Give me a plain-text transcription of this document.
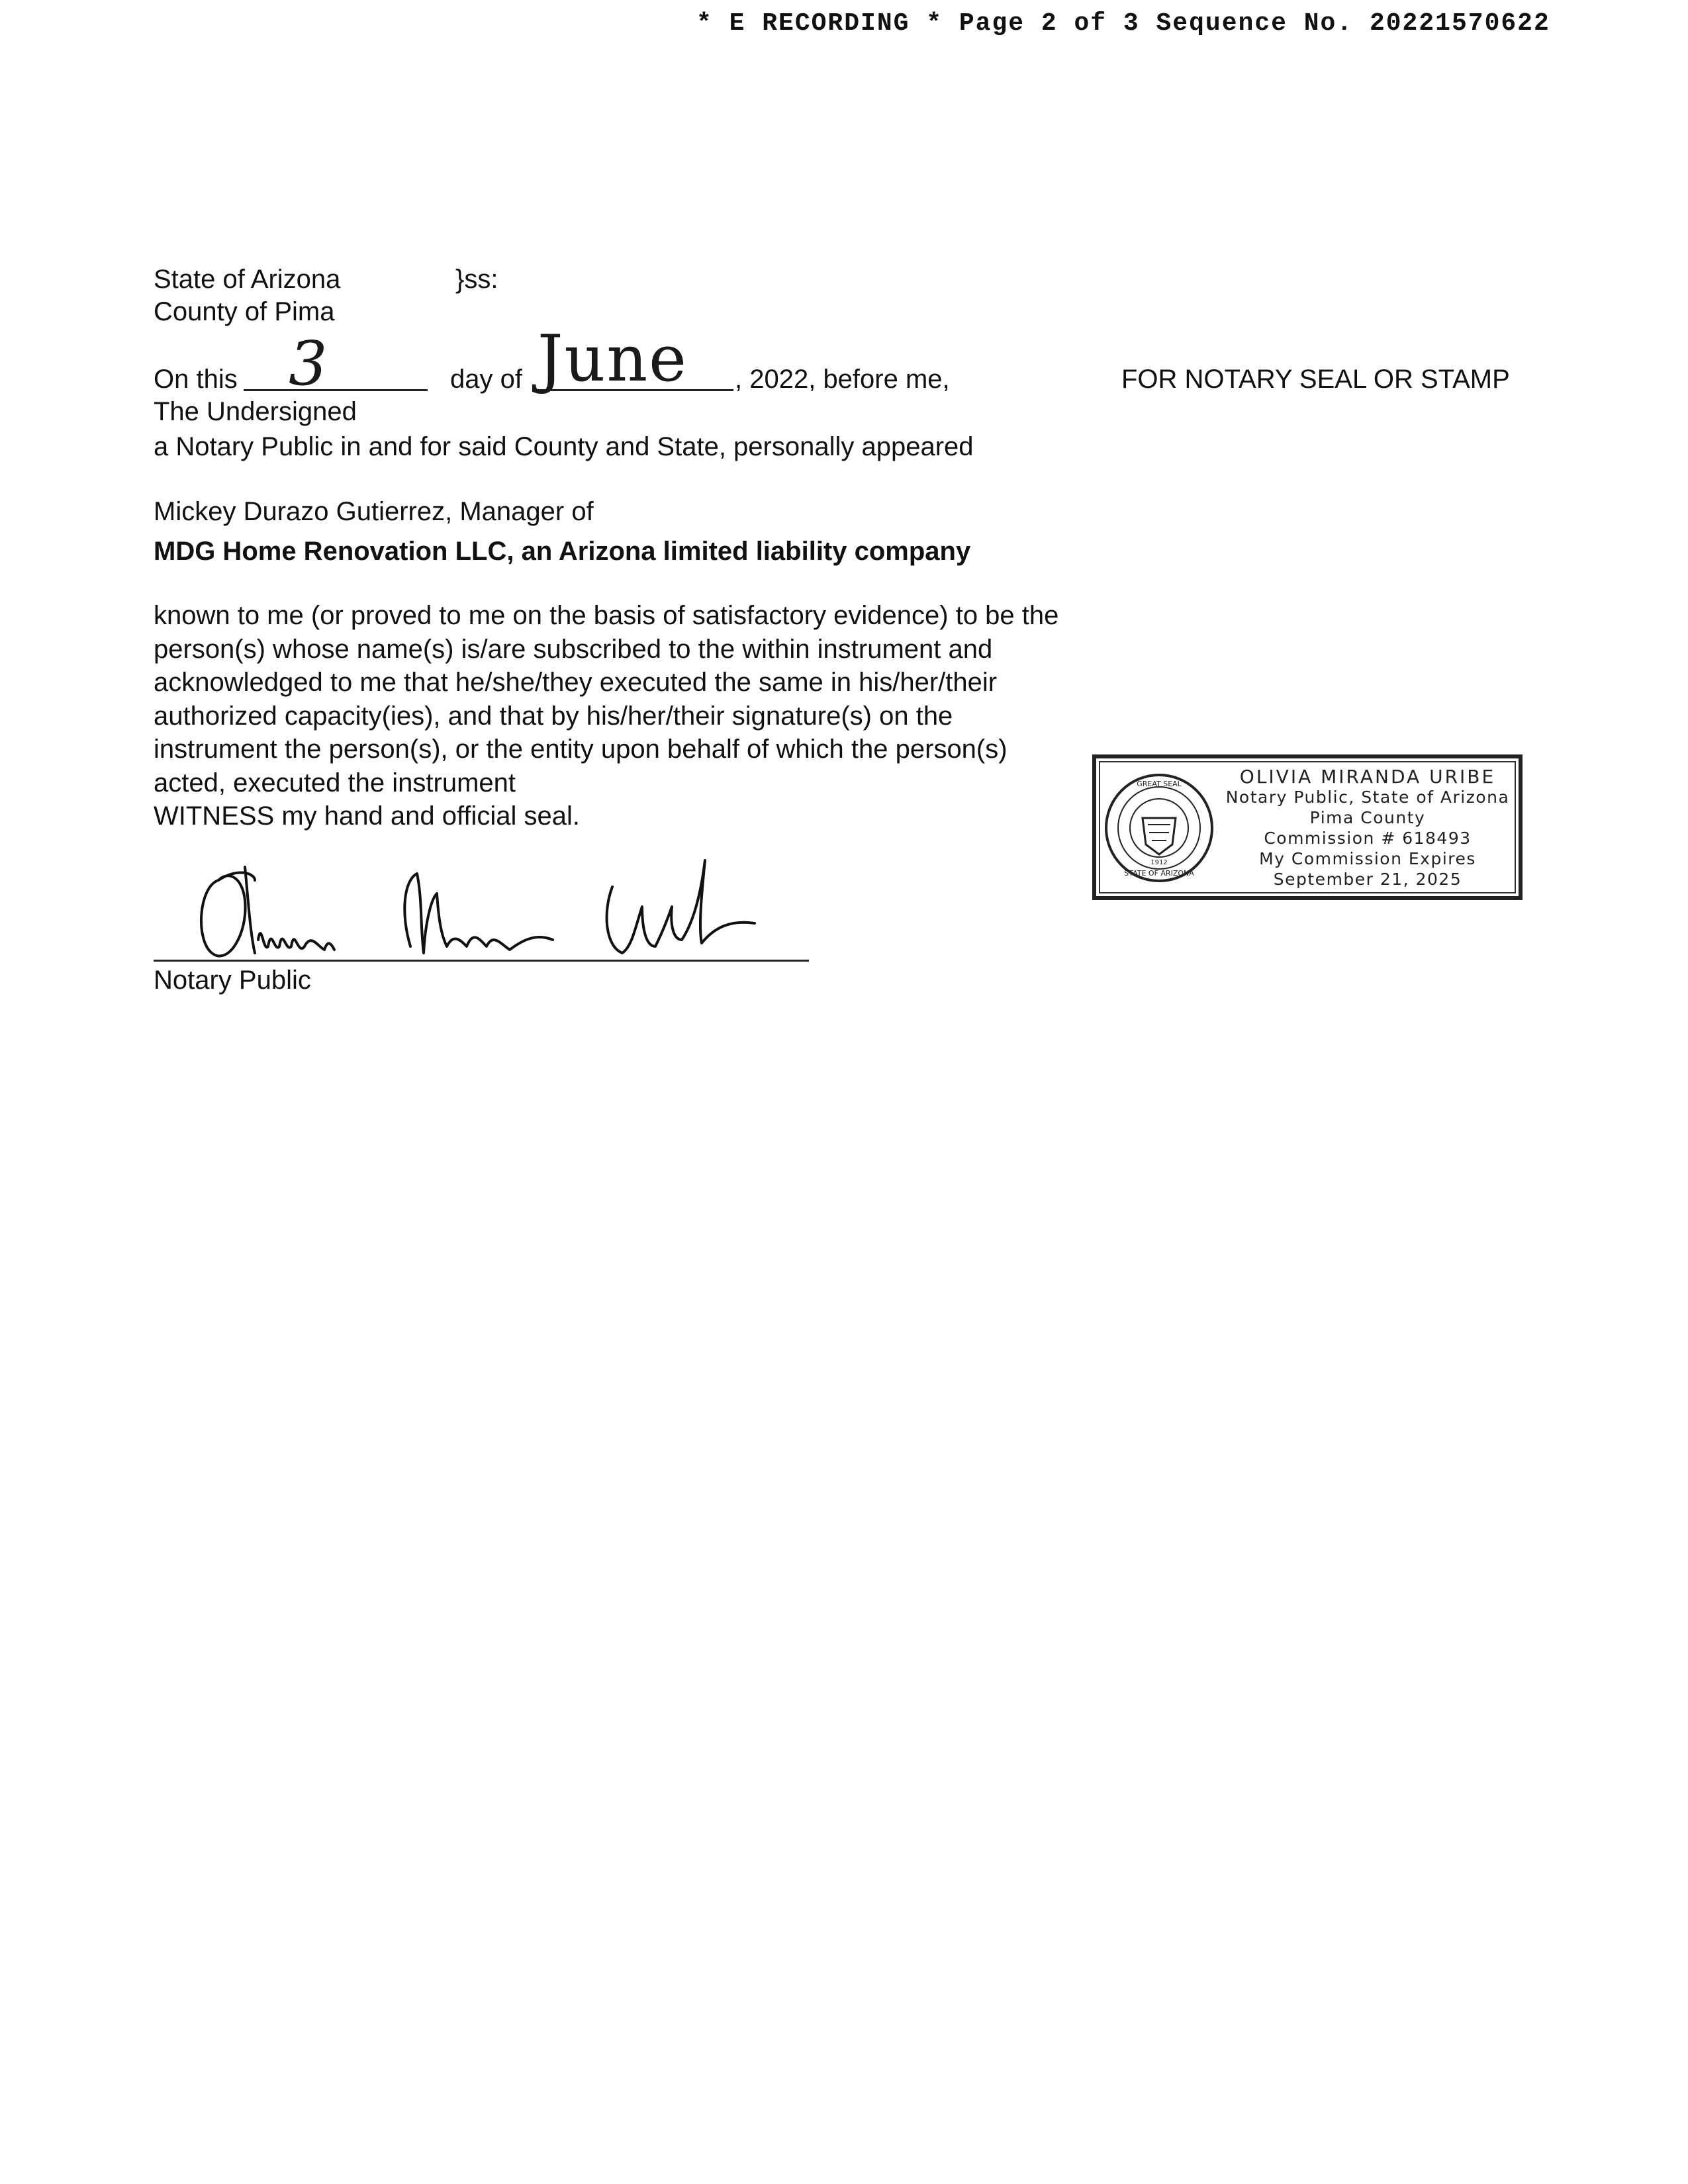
* E RECORDING * Page 2 of 3 Sequence No. 20221570622
State of Arizona	}ss:
County of Pima
On this 3	day of June , 2022, before me,	FOR NOTARY SEAL OR STAMP
The Undersigned
a Notary Public in and for said County and State, personally appeared
Mickey Durazo Gutierrez, Manager of
MDG Home Renovation LLC, an Arizona limited liability company
known to me (or proved to me on the basis of satisfactory evidence) to be the
person(s) whose name(s) is/are subscribed to the within instrument and
acknowledged to me that he/she/they executed the same in his/her/their
authorized capacity(ies), and that by his/her/their signature(s) on the
instrument the person(s), or the entity upon behalf of which the person(s)
acted, executed the instrument
WITNESS my hand and official seal.
Notary Public
GREAT SEAL
STATE OF ARIZONA
1912
OLIVIA MIRANDA URIBE
Notary Public, State of Arizona
Pima County
Commission # 618493
My Commission Expires
September 21, 2025
